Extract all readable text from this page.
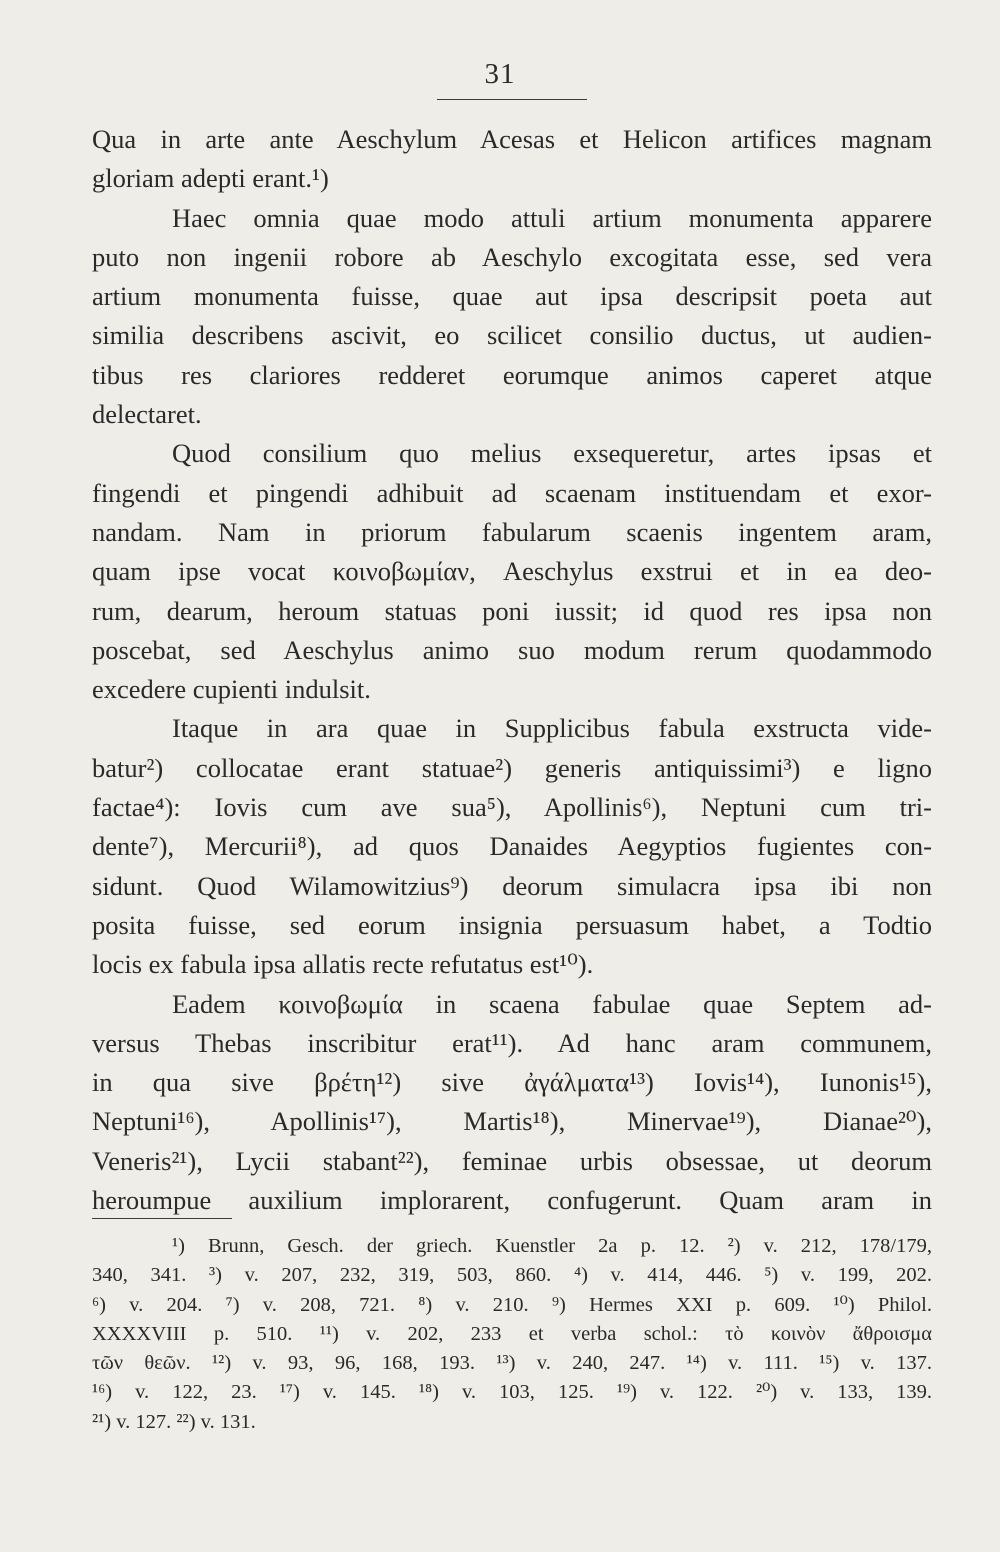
31
Qua in arte ante Aeschylum Acesas et Helicon artifices magnam
gloriam adepti erant.¹)
Haec omnia quae modo attuli artium monumenta apparere
puto non ingenii robore ab Aeschylo excogitata esse, sed vera
artium monumenta fuisse, quae aut ipsa descripsit poeta aut
similia describens ascivit, eo scilicet consilio ductus, ut audien-
tibus res clariores redderet eorumque animos caperet atque
delectaret.
Quod consilium quo melius exsequeretur, artes ipsas et
fingendi et pingendi adhibuit ad scaenam instituendam et exor-
nandam. Nam in priorum fabularum scaenis ingentem aram,
quam ipse vocat κοινοβωμίαν, Aeschylus exstrui et in ea deo-
rum, dearum, heroum statuas poni iussit; id quod res ipsa non
poscebat, sed Aeschylus animo suo modum rerum quodammodo
excedere cupienti indulsit.
Itaque in ara quae in Supplicibus fabula exstructa vide-
batur²) collocatae erant statuae²) generis antiquissimi³) e ligno
factae⁴): Iovis cum ave sua⁵), Apollinis⁶), Neptuni cum tri-
dente⁷), Mercurii⁸), ad quos Danaides Aegyptios fugientes con-
sidunt. Quod Wilamowitzius⁹) deorum simulacra ipsa ibi non
posita fuisse, sed eorum insignia persuasum habet, a Todtio
locis ex fabula ipsa allatis recte refutatus est¹⁰).
Eadem κοινοβωμία in scaena fabulae quae Septem ad-
versus Thebas inscribitur erat¹¹). Ad hanc aram communem,
in qua sive βρέτη¹²) sive ἀγάλματα¹³) Iovis¹⁴), Iunonis¹⁵),
Neptuni¹⁶), Apollinis¹⁷), Martis¹⁸), Minervae¹⁹), Dianae²⁰),
Veneris²¹), Lycii stabant²²), feminae urbis obsessae, ut deorum
heroumpue auxilium implorarent, confugerunt. Quam aram in
¹) Brunn, Gesch. der griech. Kuenstler 2a p. 12. ²) v. 212, 178/179,
340, 341. ³) v. 207, 232, 319, 503, 860. ⁴) v. 414, 446. ⁵) v. 199, 202.
⁶) v. 204. ⁷) v. 208, 721. ⁸) v. 210. ⁹) Hermes XXI p. 609. ¹⁰) Philol.
XXXXVIII p. 510. ¹¹) v. 202, 233 et verba schol.: τὸ κοινὸν ἄθροισμα
τῶν θεῶν. ¹²) v. 93, 96, 168, 193. ¹³) v. 240, 247. ¹⁴) v. 111. ¹⁵) v. 137.
¹⁶) v. 122, 23. ¹⁷) v. 145. ¹⁸) v. 103, 125. ¹⁹) v. 122. ²⁰) v. 133, 139.
²¹) v. 127. ²²) v. 131.
